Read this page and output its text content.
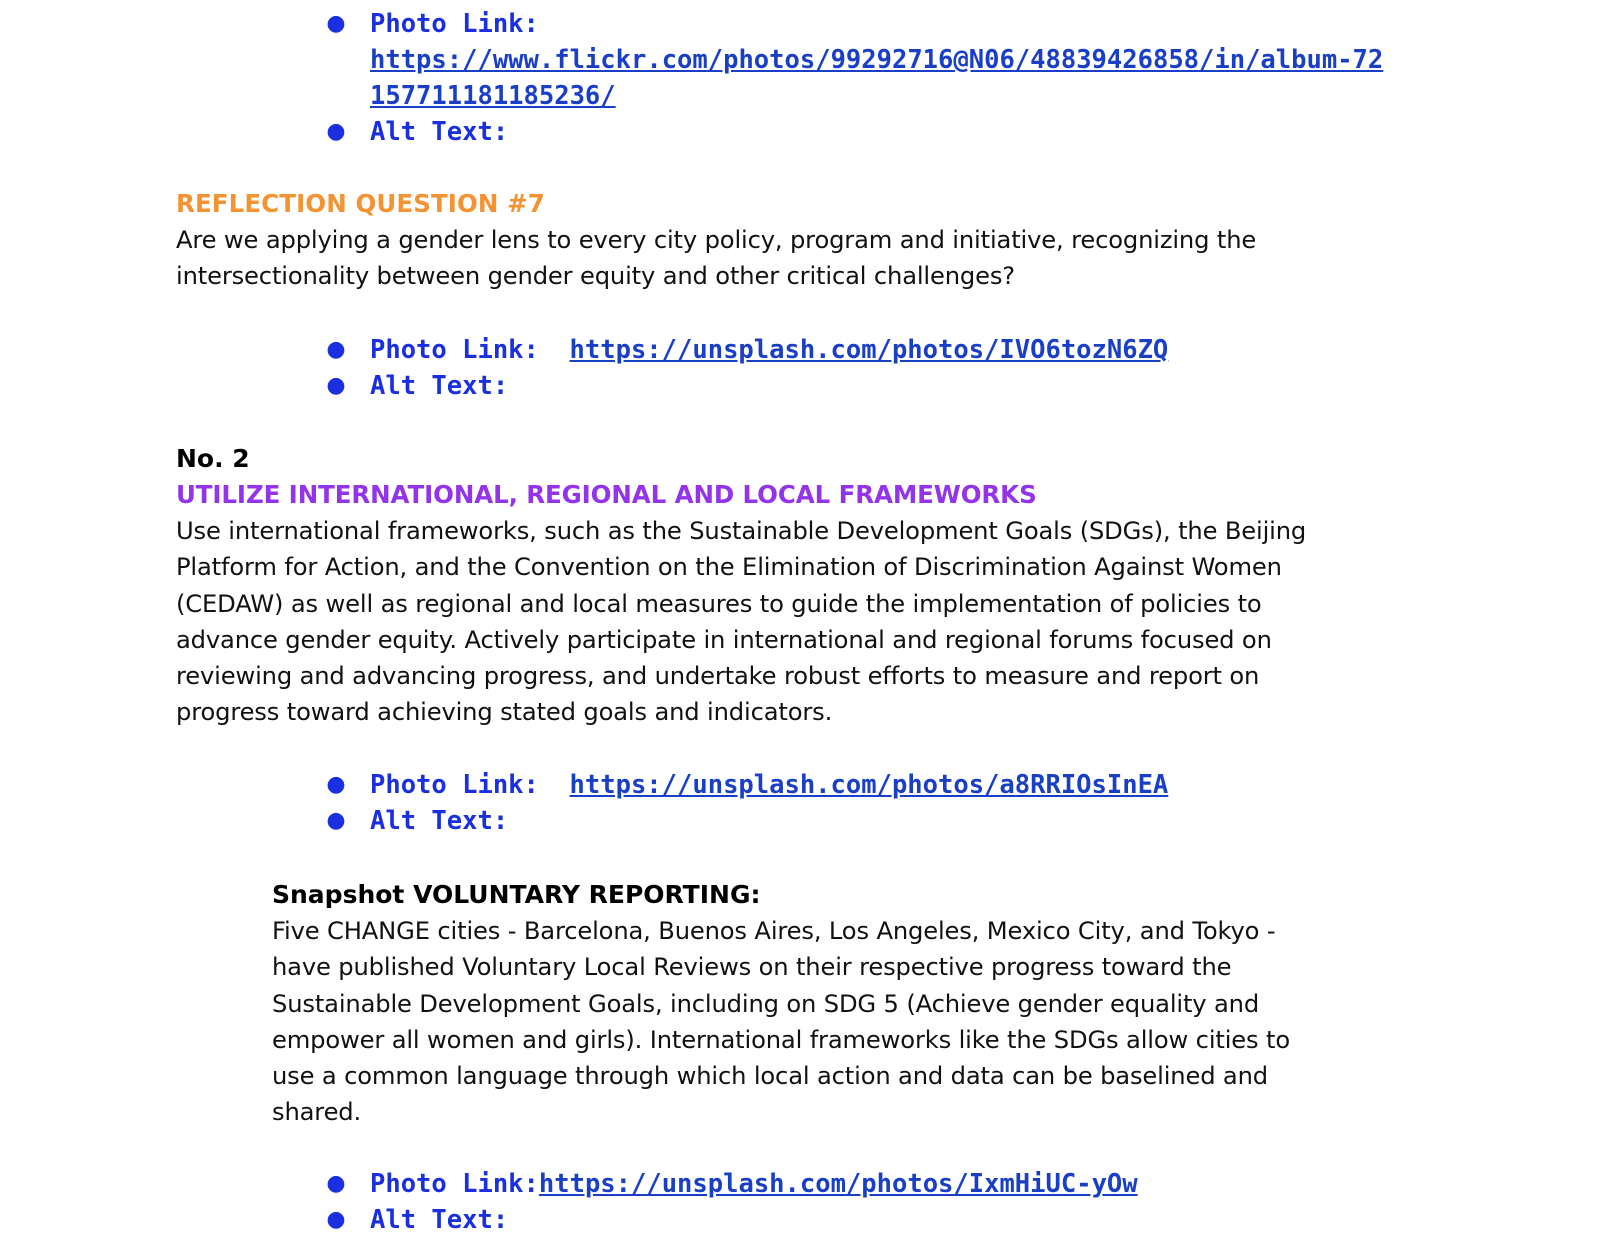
● Photo Link:
https://www.flickr.com/photos/99292716@N06/48839426858/in/album-72
157711181185236/
● Alt Text:
REFLECTION QUESTION #7
Are we applying a gender lens to every city policy, program and initiative, recognizing the
intersectionality between gender equity and other critical challenges?
● Photo Link: https://unsplash.com/photos/IVO6tozN6ZQ
● Alt Text:
No. 2
UTILIZE INTERNATIONAL, REGIONAL AND LOCAL FRAMEWORKS
Use international frameworks, such as the Sustainable Development Goals (SDGs), the Beijing
Platform for Action, and the Convention on the Elimination of Discrimination Against Women
(CEDAW) as well as regional and local measures to guide the implementation of policies to
advance gender equity. Actively participate in international and regional forums focused on
reviewing and advancing progress, and undertake robust efforts to measure and report on
progress toward achieving stated goals and indicators.
● Photo Link: https://unsplash.com/photos/a8RRIOsInEA
● Alt Text:
Snapshot VOLUNTARY REPORTING:
Five CHANGE cities - Barcelona, Buenos Aires, Los Angeles, Mexico City, and Tokyo -
have published Voluntary Local Reviews on their respective progress toward the
Sustainable Development Goals, including on SDG 5 (Achieve gender equality and
empower all women and girls). International frameworks like the SDGs allow cities to
use a common language through which local action and data can be baselined and
shared.
● Photo Link:https://unsplash.com/photos/IxmHiUC-yOw
● Alt Text:
